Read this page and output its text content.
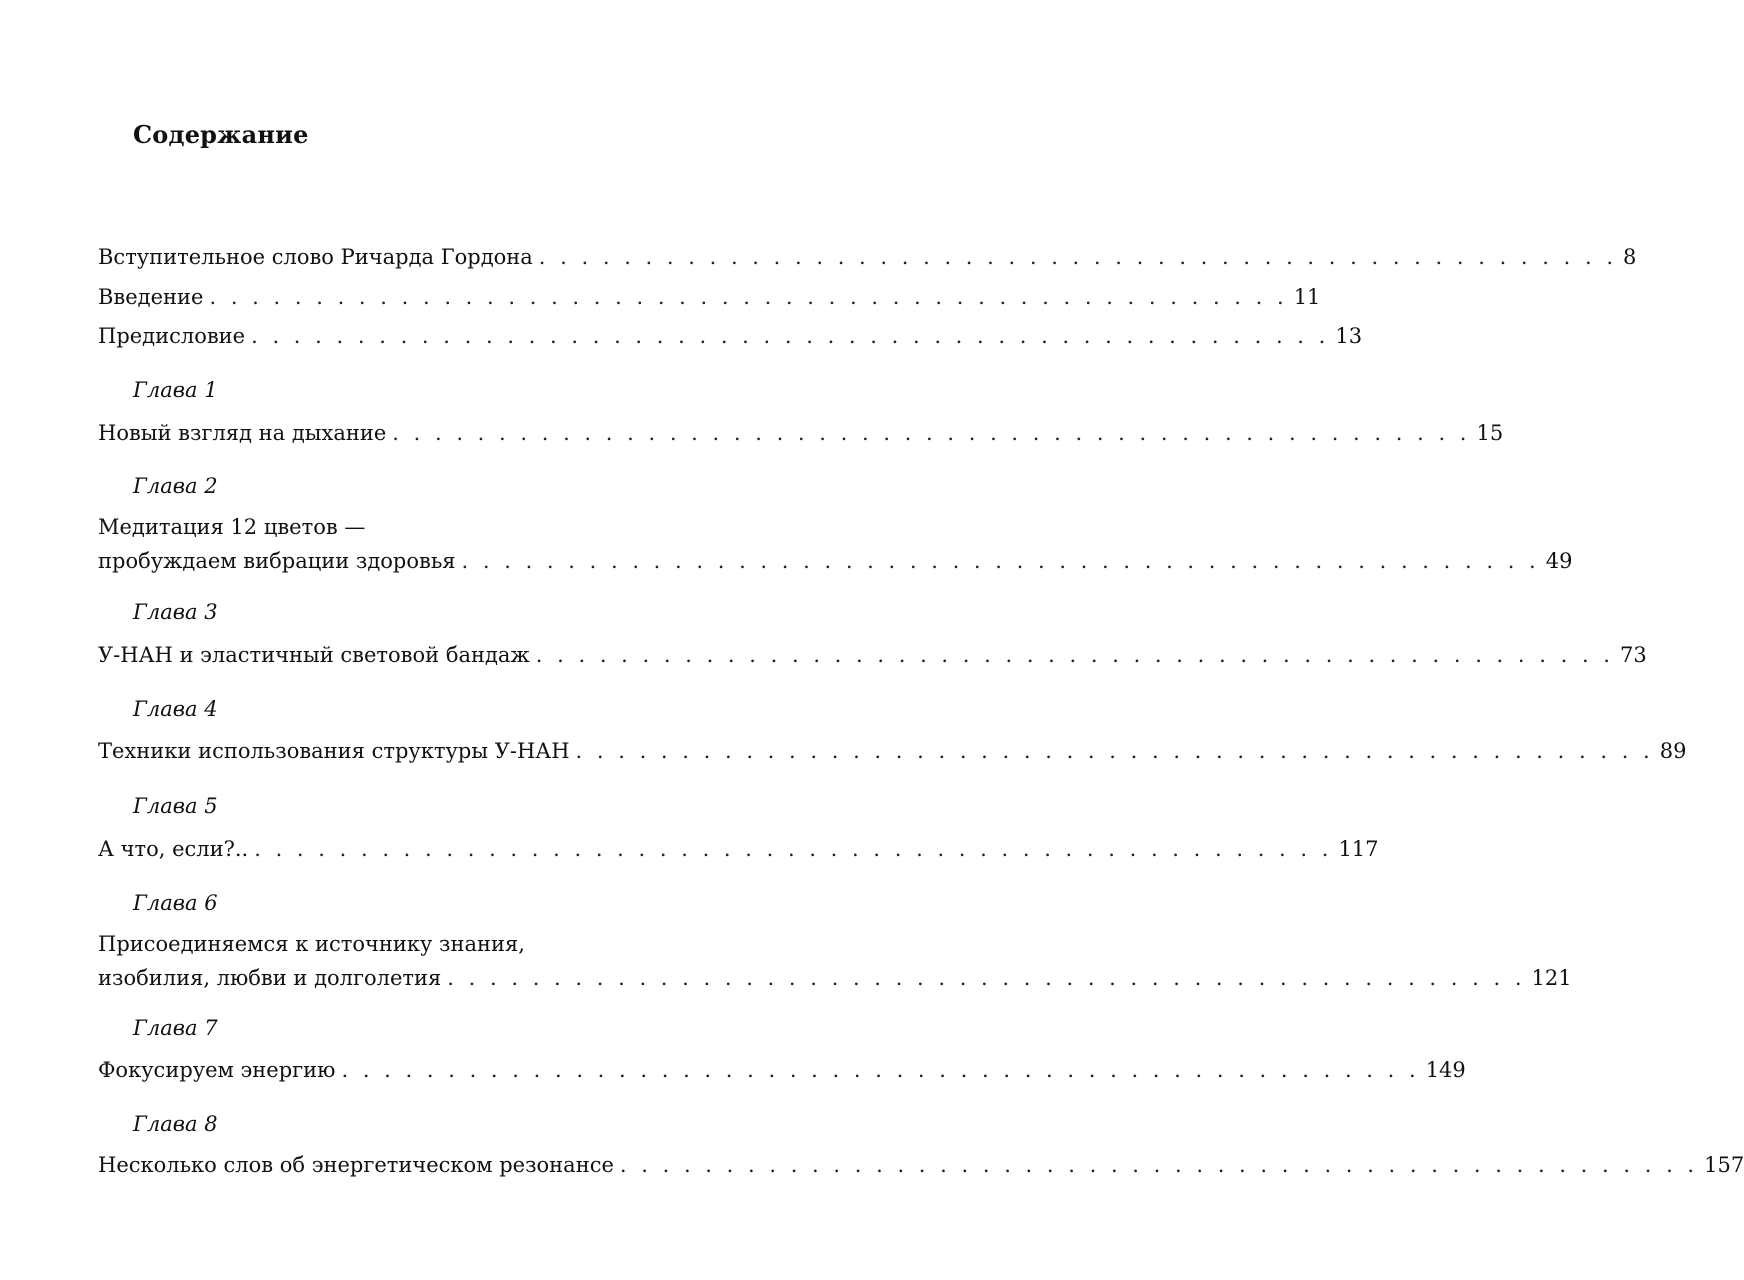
Содержание
Вступительное слово Ричарда Гордона . . . . . . . . . . . . . . . . . . . . . . . . . . . . . . . . . . . . . . . . . . . . . . . . . . . 8
Введение . . . . . . . . . . . . . . . . . . . . . . . . . . . . . . . . . . . . . . . . . . . . . . . . . . . 11
Предисловие . . . . . . . . . . . . . . . . . . . . . . . . . . . . . . . . . . . . . . . . . . . . . . . . . . . 13
Новый взгляд на дыхание . . . . . . . . . . . . . . . . . . . . . . . . . . . . . . . . . . . . . . . . . . . . . . . . . . . 15
Медитация 12 цветов —
пробуждаем вибрации здоровья . . . . . . . . . . . . . . . . . . . . . . . . . . . . . . . . . . . . . . . . . . . . . . . . . . . 49
У-НАН и эластичный световой бандаж . . . . . . . . . . . . . . . . . . . . . . . . . . . . . . . . . . . . . . . . . . . . . . . . . . . 73
Техники использования структуры У-НАН . . . . . . . . . . . . . . . . . . . . . . . . . . . . . . . . . . . . . . . . . . . . . . . . . . . 89
А что, если?.. . . . . . . . . . . . . . . . . . . . . . . . . . . . . . . . . . . . . . . . . . . . . . . . . . . . 117
Присоединяемся к источнику знания,
изобилия, любви и долголетия . . . . . . . . . . . . . . . . . . . . . . . . . . . . . . . . . . . . . . . . . . . . . . . . . . . 121
Фокусируем энергию . . . . . . . . . . . . . . . . . . . . . . . . . . . . . . . . . . . . . . . . . . . . . . . . . . . 149
Несколько слов об энергетическом резонансе . . . . . . . . . . . . . . . . . . . . . . . . . . . . . . . . . . . . . . . . . . . . . . . . . . . 157
Глава 1
Глава 2
Глава 3
Глава 4
Глава 5
Глава 6
Глава 7
Глава 8
